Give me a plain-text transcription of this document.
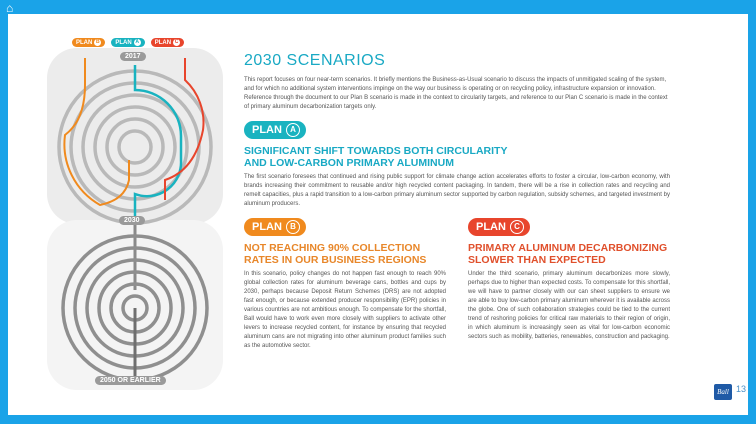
⌂
PLAN B	PLAN A	PLAN C
2017
2030
2050 OR EARLIER
2030 SCENARIOS
This report focuses on four near-term scenarios. It briefly mentions the Business-as-Usual scenario to discuss the impacts of unmitigated scaling of the system, and for which no additional system interventions impinge on the way our business is operating or on recycling policy, infrastructure expansion or innovation. Reference through the document to our Plan B scenario is made in the context to circularity targets, and reference to our Plan C scenario is made in the context of primary aluminum decarbonization targets only.
PLAN	A
SIGNIFICANT SHIFT TOWARDS BOTH CIRCULARITY
AND LOW-CARBON PRIMARY ALUMINUM
The first scenario foresees that continued and rising public support for climate change action accelerates efforts to foster a circular, low-carbon economy, with brands increasing their commitment to reusable and/or high recycled content packaging. In tandem, there will be a rise in collection rates and recycling and remelt capacities, plus a rapid transition to a low-carbon primary aluminum sector supported by carbon regulation, subsidy schemes, and targeted investment by aluminum producers.
PLAN	B
NOT REACHING 90% COLLECTION
RATES IN OUR BUSINESS REGIONS
In this scenario, policy changes do not happen fast enough to reach 90% global collection rates for aluminum beverage cans, bottles and cups by 2030, perhaps because Deposit Return Schemes (DRS) are not adopted fast enough, or because extended producer responsibility (EPR) policies in various countries are not ambitious enough. To compensate for the shortfall, Ball would have to work even more closely with suppliers to activate other levers to increase recycled content, for instance by ensuring that recycled aluminum cans are not migrating into other aluminum product families such as the automotive sector.
PLAN	C
PRIMARY ALUMINUM DECARBONIZING
SLOWER THAN EXPECTED
Under the third scenario, primary aluminum decarbonizes more slowly, perhaps due to higher than expected costs. To compensate for this shortfall, we will have to partner closely with our can sheet suppliers to ensure we are able to buy low-carbon primary aluminum wherever it is available across the globe. One of such collaboration strategies could be tied to the current trend of reshoring policies for critical raw materials to their region of origin, in which aluminum is increasingly seen as vital for low-carbon economic sectors such as mobility, batteries, renewables, construction and packaging.
Ball 13
